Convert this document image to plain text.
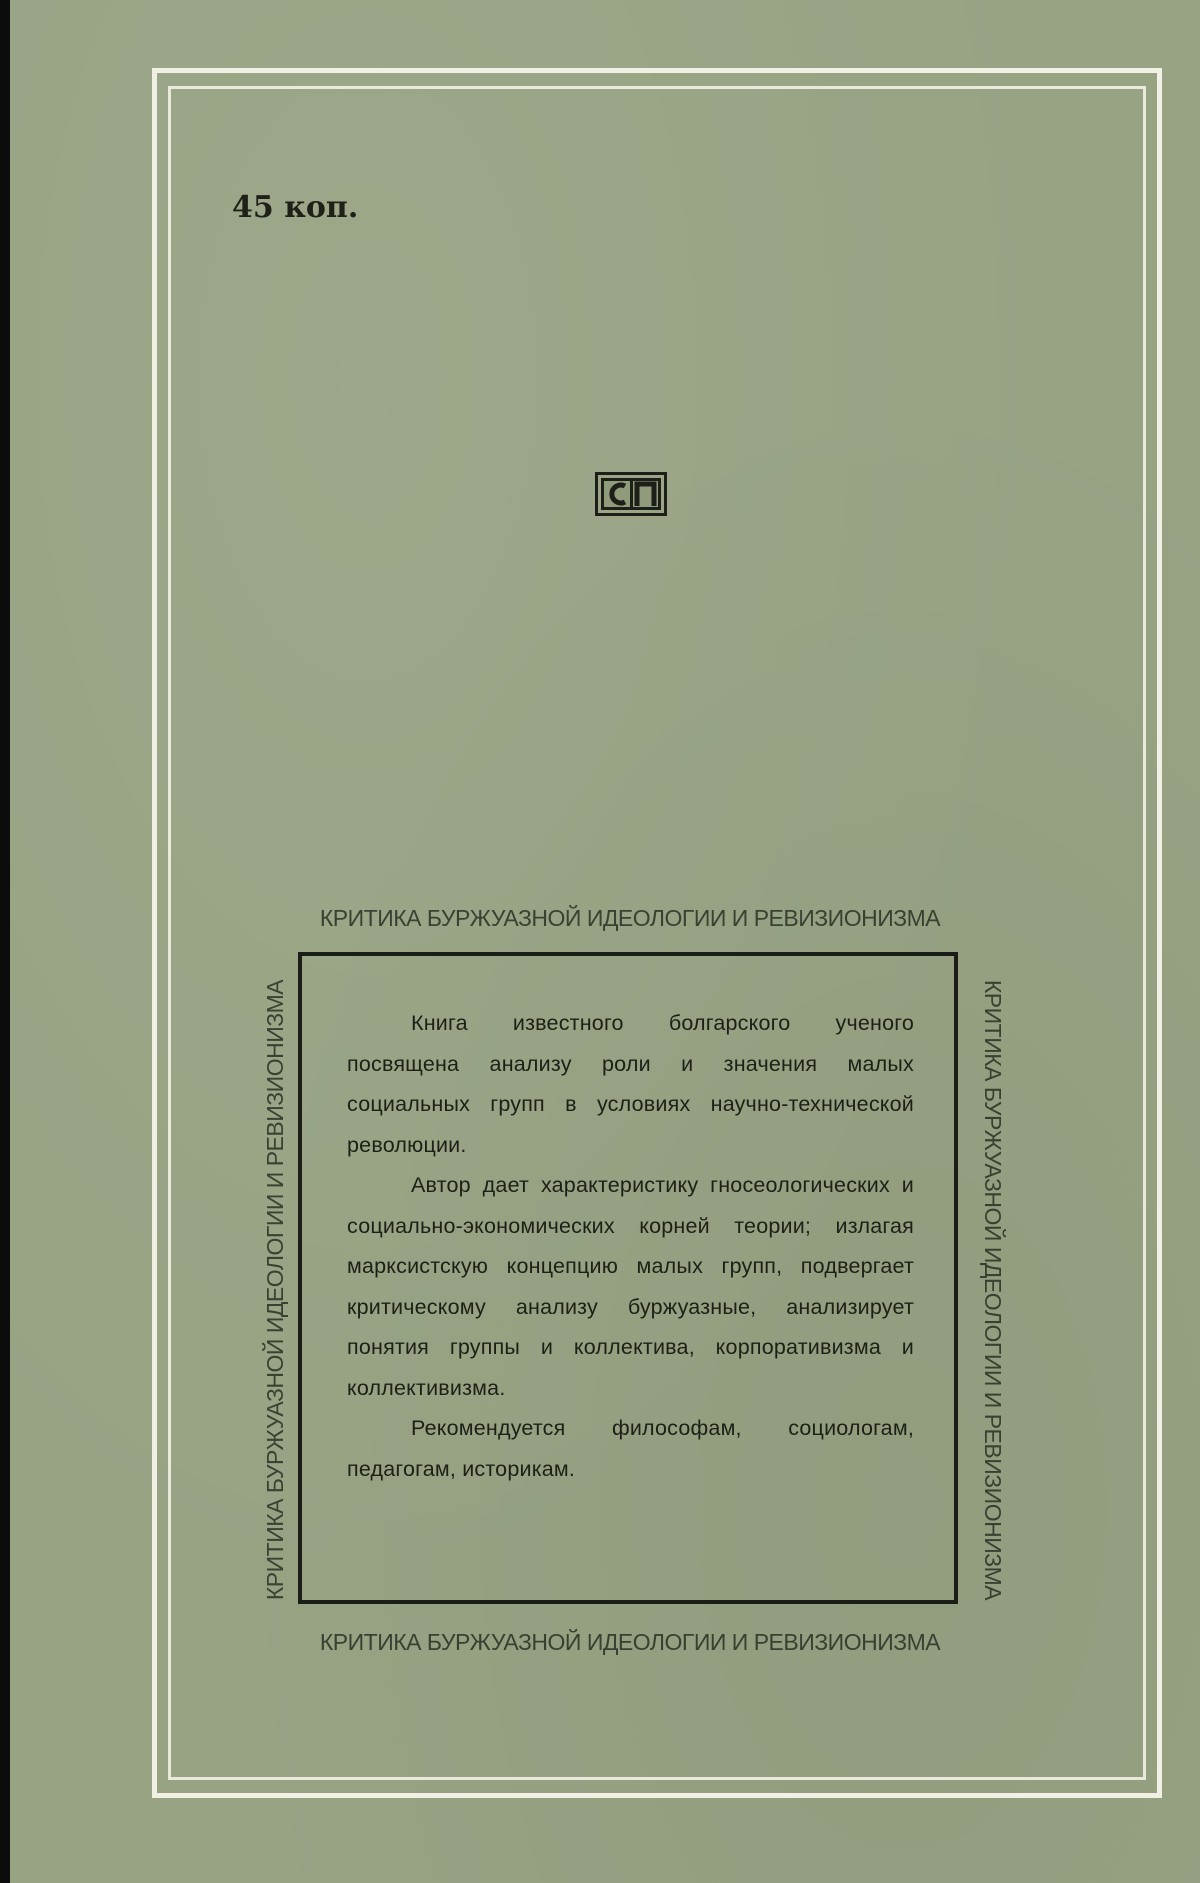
45 коп.
КРИТИКА БУРЖУАЗНОЙ ИДЕОЛОГИИ И РЕВИЗИОНИЗМА
КРИТИКА БУРЖУАЗНОЙ ИДЕОЛОГИИ И РЕВИЗИОНИЗМА	КРИТИКА БУРЖУАЗНОЙ ИДЕОЛОГИИ И РЕВИЗИОНИЗМА
КРИТИКА БУРЖУАЗНОЙ ИДЕОЛОГИИ И РЕВИЗИОНИЗМА

Книга известного болгарского ученого посвящена анализу роли и значения малых социальных групп в условиях научно-технической революции.

Автор дает характеристику гносеологических и социально-экономических корней теории; излагая марксистскую концепцию малых групп, подвергает критическому анализу буржуазные, анализирует понятия группы и коллектива, корпоративизма и коллективизма.

Рекомендуется философам, социологам, педагогам, историкам.
